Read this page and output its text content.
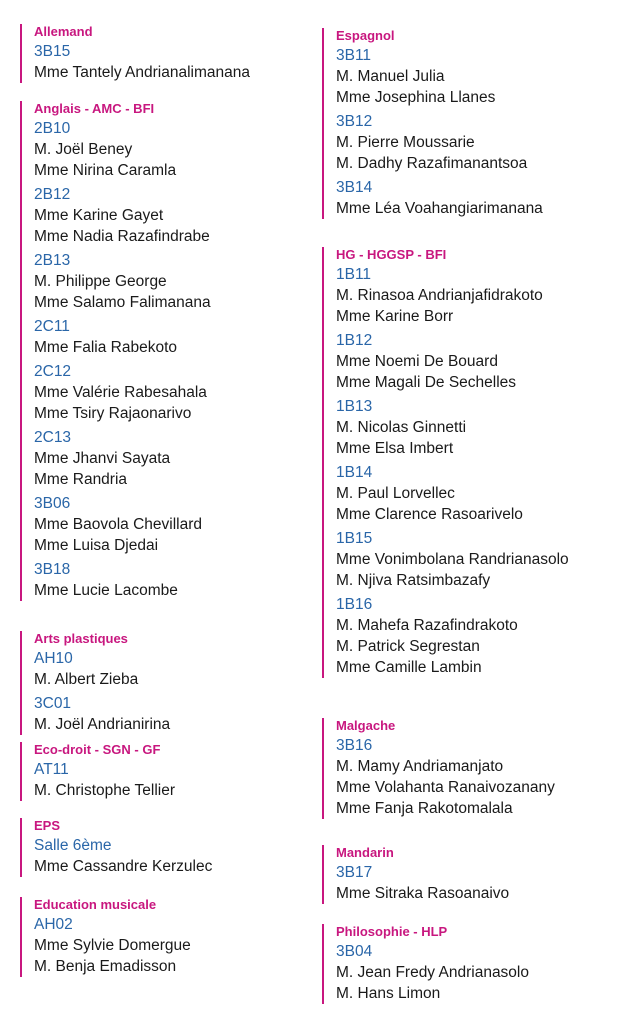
Allemand
3B15
Mme Tantely Andrianalimanana
Anglais - AMC - BFI
2B10
M. Joël Beney
Mme Nirina Caramla
2B12
Mme Karine Gayet
Mme Nadia Razafindrabe
2B13
M. Philippe George
Mme Salamo Falimanana
2C11
Mme Falia Rabekoto
2C12
Mme Valérie Rabesahala
Mme Tsiry Rajaonarivo
2C13
Mme Jhanvi Sayata
Mme Randria
3B06
Mme Baovola Chevillard
Mme Luisa Djedai
3B18
Mme Lucie Lacombe
Arts plastiques
AH10
M. Albert Zieba
3C01
M. Joël Andrianirina
Eco-droit - SGN - GF
AT11
M. Christophe Tellier
EPS
Salle 6ème
Mme Cassandre Kerzulec
Education musicale
AH02
Mme Sylvie Domergue
M. Benja Emadisson
Espagnol
3B11
M. Manuel Julia
Mme Josephina Llanes
3B12
M. Pierre Moussarie
M. Dadhy Razafimanantsoa
3B14
Mme Léa Voahangiarimanana
HG - HGGSP - BFI
1B11
M. Rinasoa Andrianjafidrakoto
Mme Karine Borr
1B12
Mme Noemi De Bouard
Mme Magali De Sechelles
1B13
M. Nicolas Ginnetti
Mme Elsa Imbert
1B14
M. Paul Lorvellec
Mme Clarence Rasoarivelo
1B15
Mme Vonimbolana Randrianasolo
M. Njiva Ratsimbazafy
1B16
M. Mahefa Razafindrakoto
M. Patrick Segrestan
Mme Camille Lambin
Malgache
3B16
M. Mamy Andriamanjato
Mme Volahanta Ranaivozanany
Mme Fanja Rakotomalala
Mandarin
3B17
Mme Sitraka Rasoanaivo
Philosophie - HLP
3B04
M. Jean Fredy Andrianasolo
M. Hans Limon
